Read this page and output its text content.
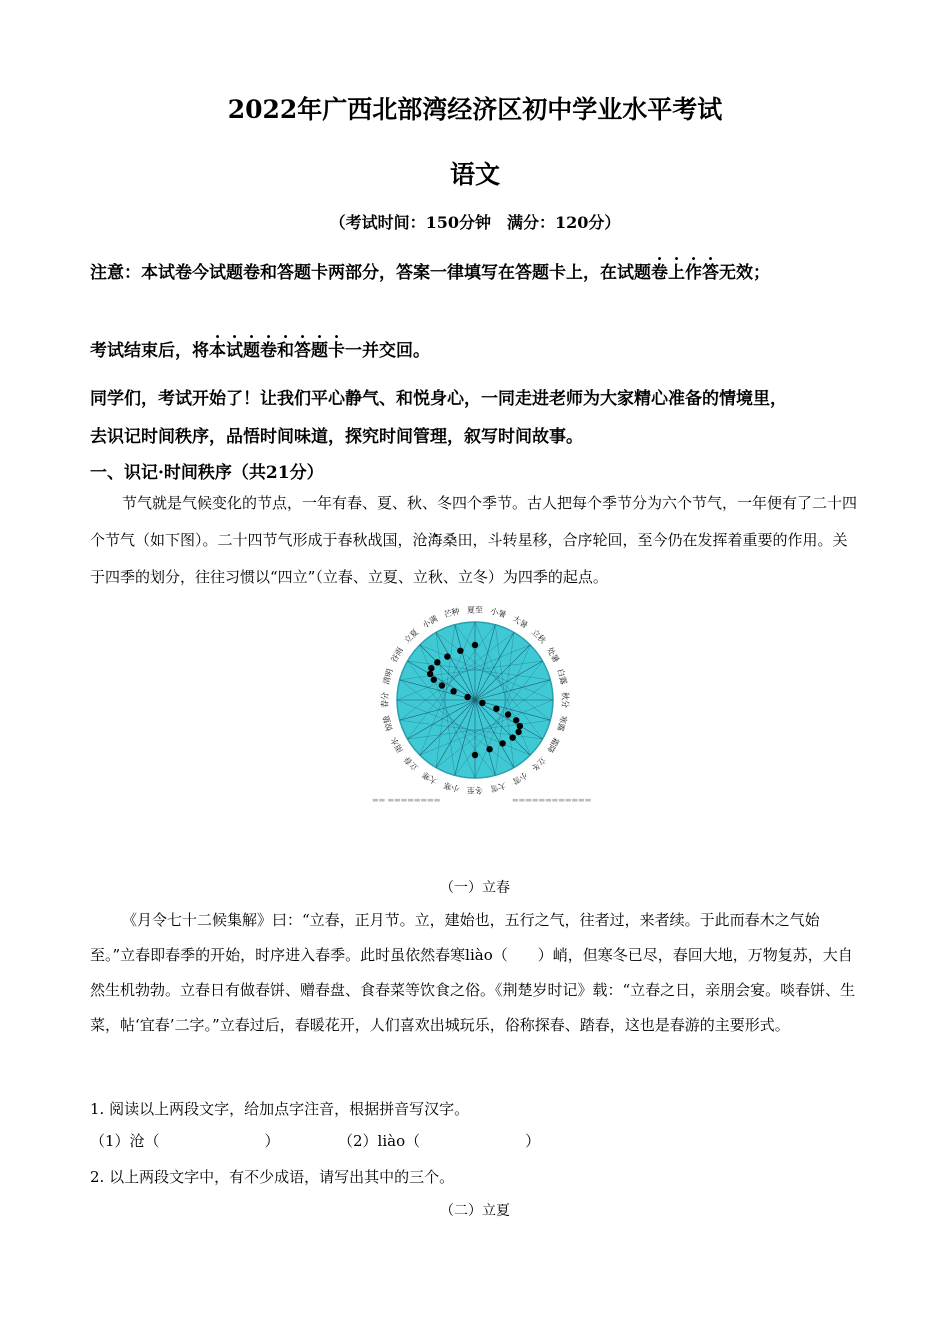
2022年广西北部湾经济区初中学业水平考试
语文
（考试时间：150分钟　满分：120分）
注意：本试卷今试题卷和答题卡两部分，答案一律填写在答题卡上，在试题卷上作答无效；
考试结束后，将本试题卷和答题卡一并交回。
同学们，考试开始了！让我们平心静气、和悦身心，一同走进老师为大家精心准备的情境里，
去识记时间秩序，品悟时间味道，探究时间管理，叙写时间故事。
一、识记·时间秩序（共21分）
节气就是气候变化的节点，一年有春、夏、秋、冬四个季节。古人把每个季节分为六个节气，一年便有了二十四个节气（如下图）。二十四节气形成于春秋战国，沧海桑田，斗转星移，合序轮回，至今仍在发挥着重要的作用。关于四季的划分，往往习惯以“四立”（立春、立夏、立秋、立冬）为四季的起点。
夏至 小暑
大暑
立秋
处暑
白露
秋分
寒露
霜降
立冬
小雪
大雪
冬至
小寒
大寒
立春
雨水
惊蛰
春分
清明
谷雨
立夏
小满
芒种
▬▬ ▬▬▬▬▬▬▬▬	▬▬▬▬▬▬▬▬▬▬▬▬
（一）立春
《月令七十二候集解》曰：“立春，正月节。立，建始也，五行之气，往者过，来者续。于此而春木之气始至。”立春即春季的开始，时序进入春季。此时虽依然春寒liào（　　）峭，但寒冬已尽，春回大地，万物复苏，大自然生机勃勃。立春日有做春饼、赠春盘、食春菜等饮食之俗。《荆楚岁时记》载：“立春之日，亲朋会宴。啖春饼、生菜，帖‘宜春’二字。”立春过后，春暖花开，人们喜欢出城玩乐，俗称探春、踏春，这也是春游的主要形式。
1. 阅读以上两段文字，给加点字注音，根据拼音写汉字。
（1）沧（　　　　　　　）	（2）liào（　　　　　　　）
2. 以上两段文字中，有不少成语，请写出其中的三个。
（二）立夏
